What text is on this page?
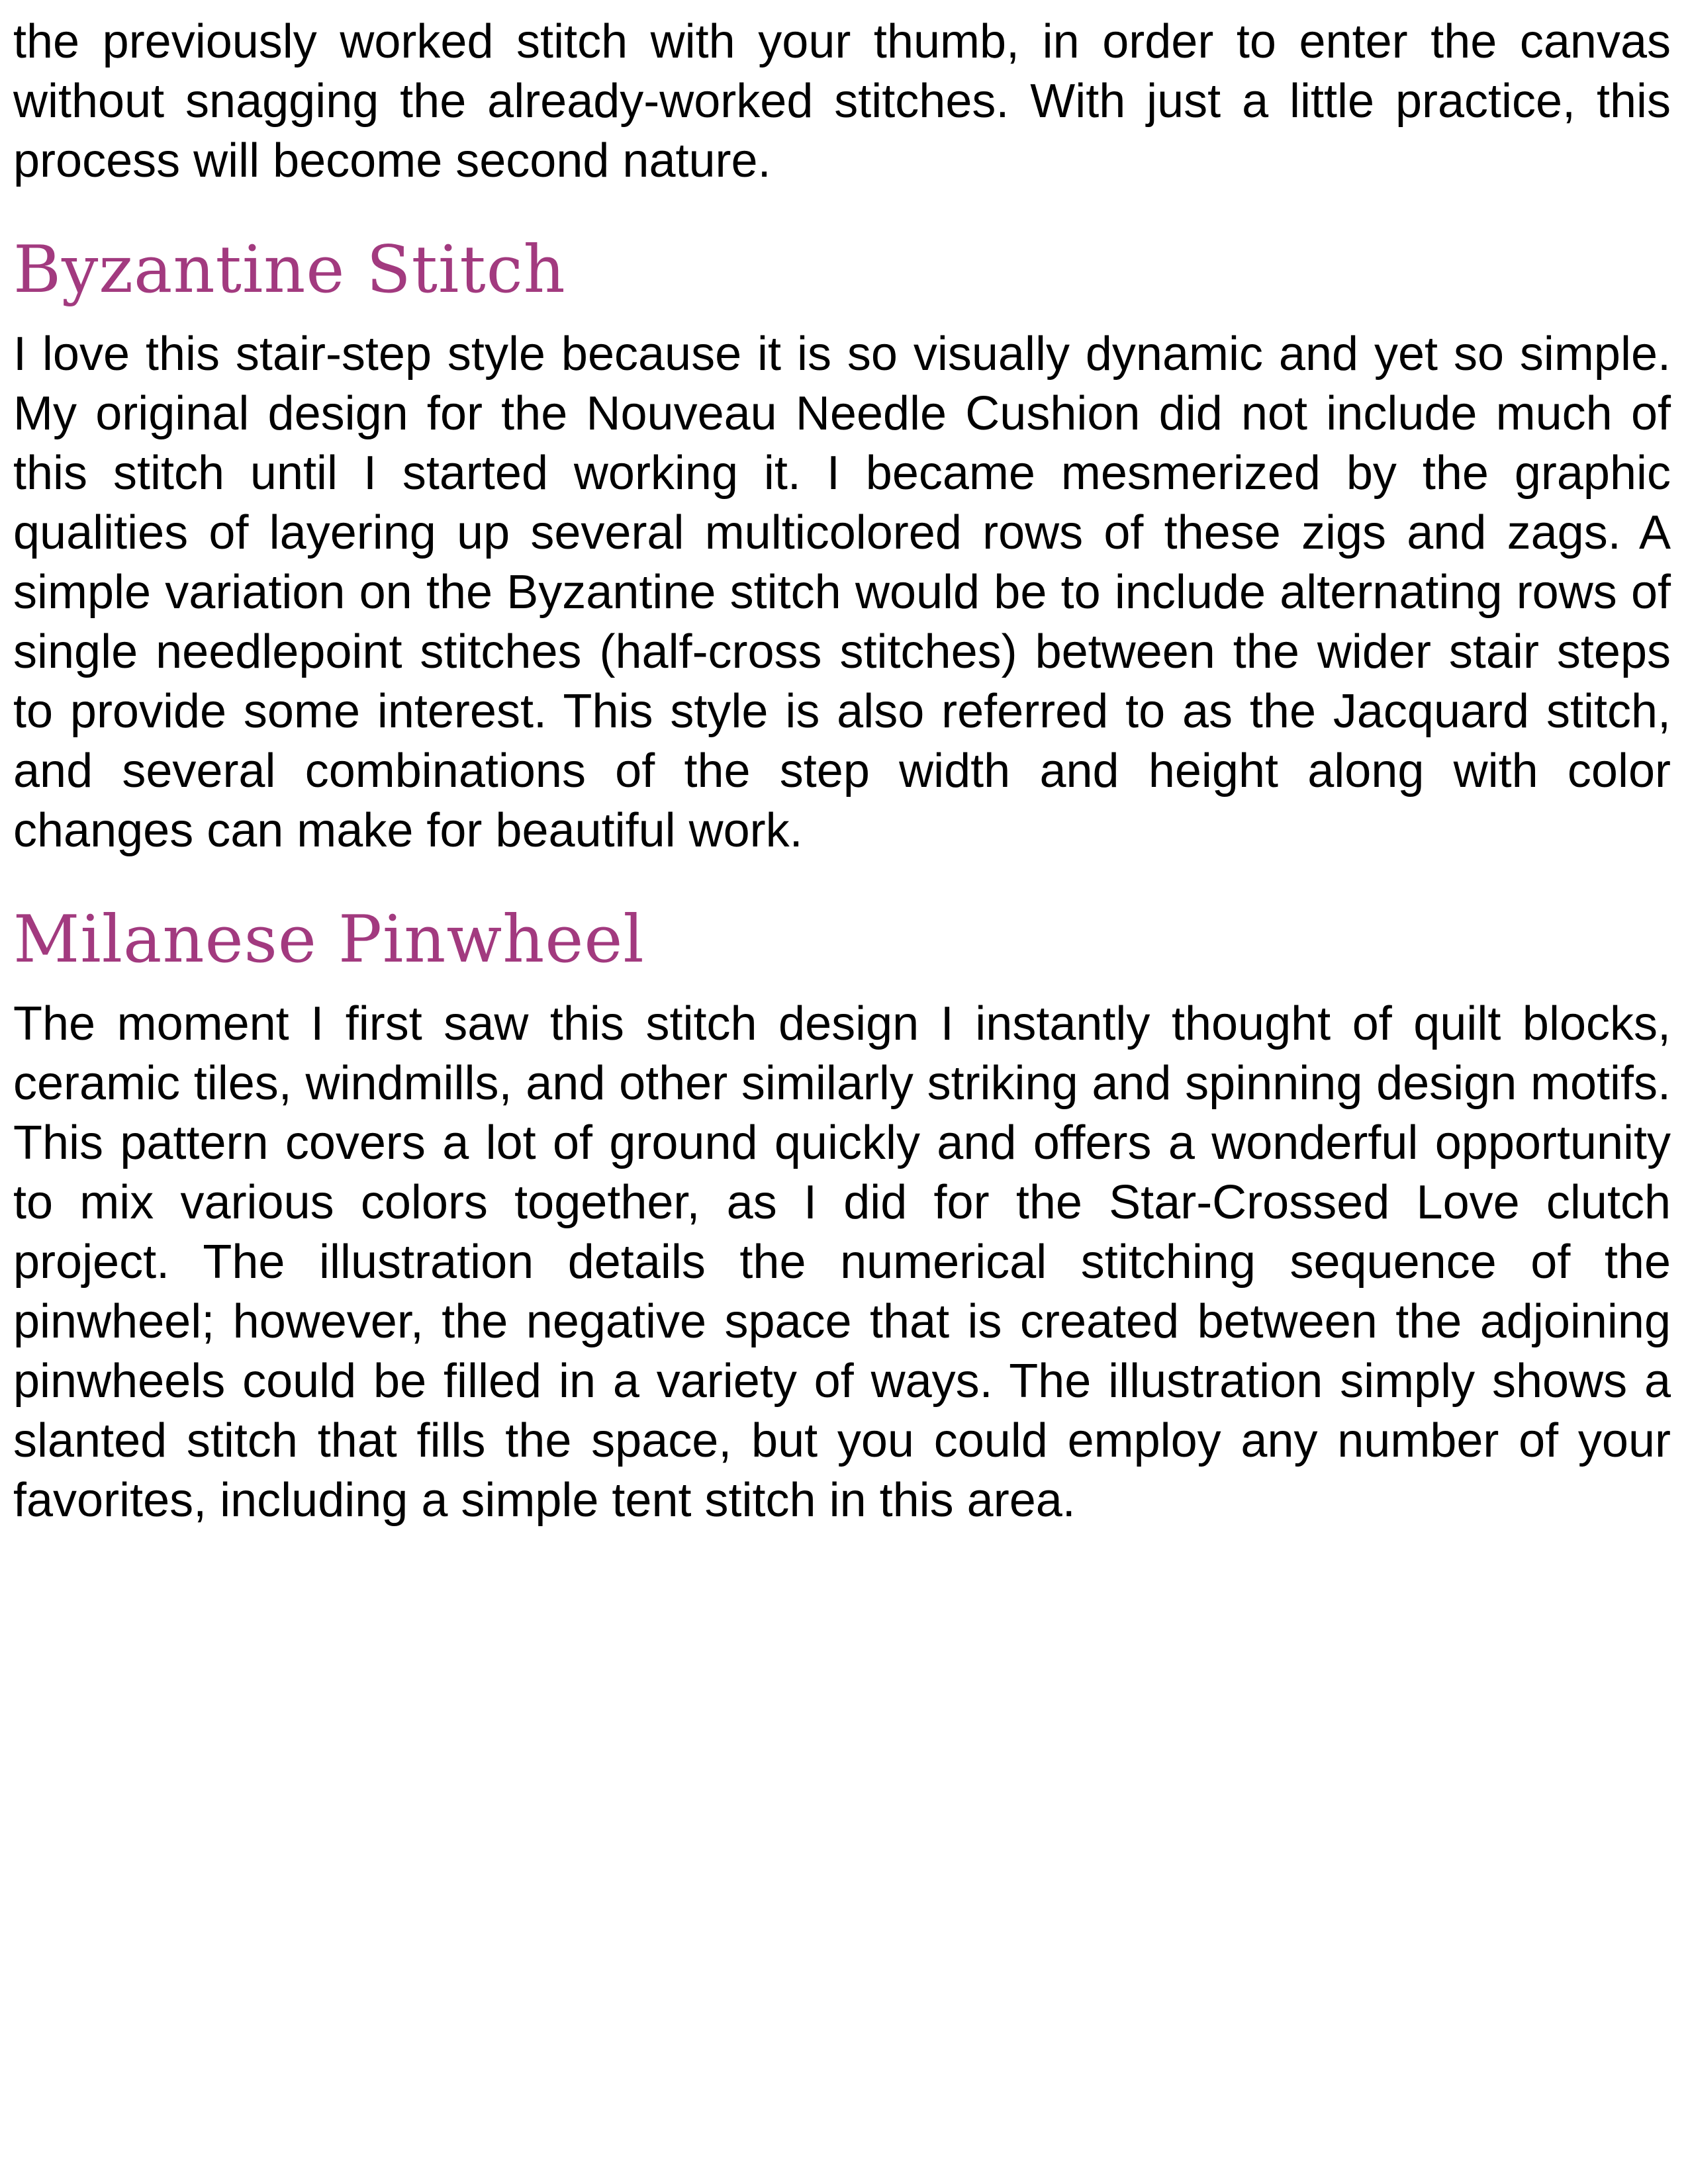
the previously worked stitch with your thumb, in order to enter the canvas without snagging the already-worked stitches. With just a little practice, this process will become second nature.

Byzantine Stitch

I love this stair-step style because it is so visually dynamic and yet so simple. My original design for the Nouveau Needle Cushion did not include much of this stitch until I started working it. I became mesmerized by the graphic qualities of layering up several multicolored rows of these zigs and zags. A simple variation on the Byzantine stitch would be to include alternating rows of single needlepoint stitches (half-cross stitches) between the wider stair steps to provide some interest. This style is also referred to as the Jacquard stitch, and several combinations of the step width and height along with color changes can make for beautiful work.

Milanese Pinwheel

The moment I first saw this stitch design I instantly thought of quilt blocks, ceramic tiles, windmills, and other similarly striking and spinning design motifs. This pattern covers a lot of ground quickly and offers a wonderful opportunity to mix various colors together, as I did for the Star-Crossed Love clutch project. The illustration details the numerical stitching sequence of the pinwheel; however, the negative space that is created between the adjoining pinwheels could be filled in a variety of ways. The illustration simply shows a slanted stitch that fills the space, but you could employ any number of your favorites, including a simple tent stitch in this area.
